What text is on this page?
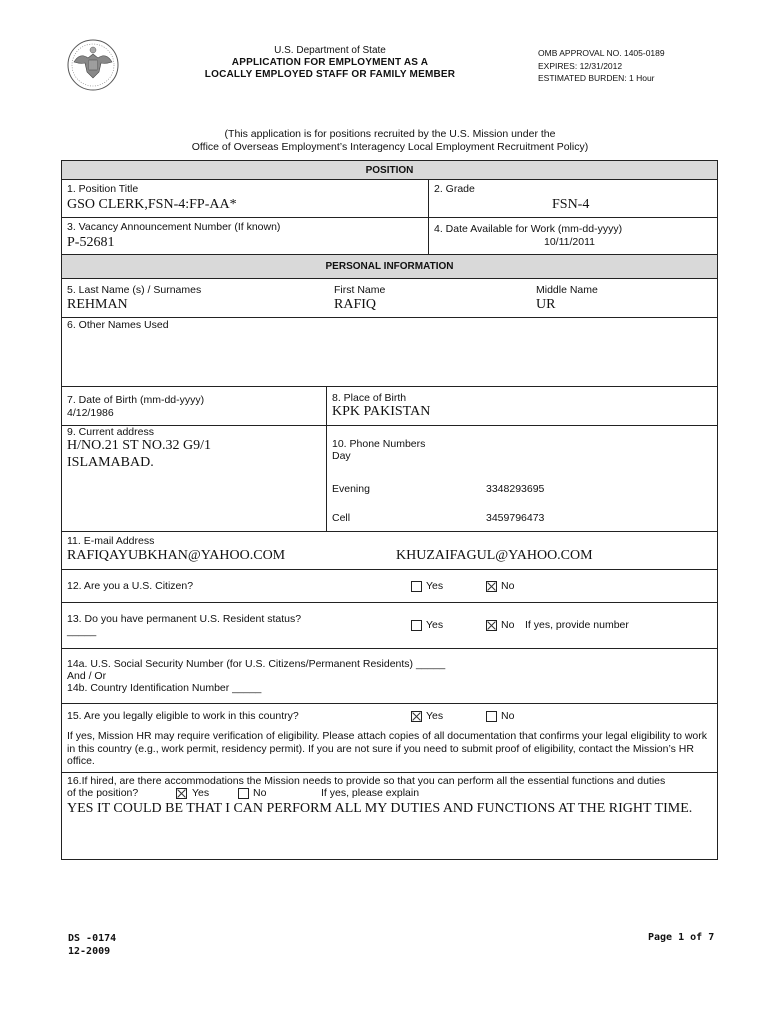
U.S. Department of State
APPLICATION FOR EMPLOYMENT AS A
LOCALLY EMPLOYED STAFF OR FAMILY MEMBER
OMB APPROVAL NO. 1405-0189
EXPIRES: 12/31/2012
ESTIMATED BURDEN: 1 Hour
(This application is for positions recruited by the U.S. Mission under the
Office of Overseas Employment’s Interagency Local Employment Recruitment Policy)
POSITION
1. Position Title
GSO CLERK,FSN-4:FP-AA*
2. Grade
FSN-4
3. Vacancy Announcement Number (If known)
P-52681
4. Date Available for Work (mm-dd-yyyy)
10/11/2011
PERSONAL INFORMATION
5. Last Name (s) / Surnames
REHMAN
First Name
RAFIQ
Middle Name
UR
6. Other Names Used
7. Date of Birth (mm-dd-yyyy)
4/12/1986
8. Place of Birth
KPK PAKISTAN
9. Current address
H/NO.21 ST NO.32 G9/1
ISLAMABAD.
10. Phone Numbers
Day
Evening	3348293695
Cell	3459796473
11. E-mail Address
RAFIQAYUBKHAN@YAHOO.COM	KHUZAIFAGUL@YAHOO.COM
12. Are you a U.S. Citizen?	Yes	No
13. Do you have permanent U.S. Resident status?
_____	Yes	No If yes, provide number
14a. U.S. Social Security Number (for U.S. Citizens/Permanent Residents) _____
And / Or
14b. Country Identification Number _____
15. Are you legally eligible to work in this country?	Yes	No
If yes, Mission HR may require verification of eligibility. Please attach copies of all documentation that confirms your legal eligibility to work in this country (e.g., work permit, residency permit). If you are not sure if you need to submit proof of eligibility, contact the Mission’s HR office.
16.If hired, are there accommodations the Mission needs to provide so that you can perform all the essential functions and duties
of the position?	Yes	No	If yes, please explain
YES IT COULD BE THAT I CAN PERFORM ALL MY DUTIES AND FUNCTIONS AT THE RIGHT TIME.
DS -0174
12-2009
Page 1 of 7
